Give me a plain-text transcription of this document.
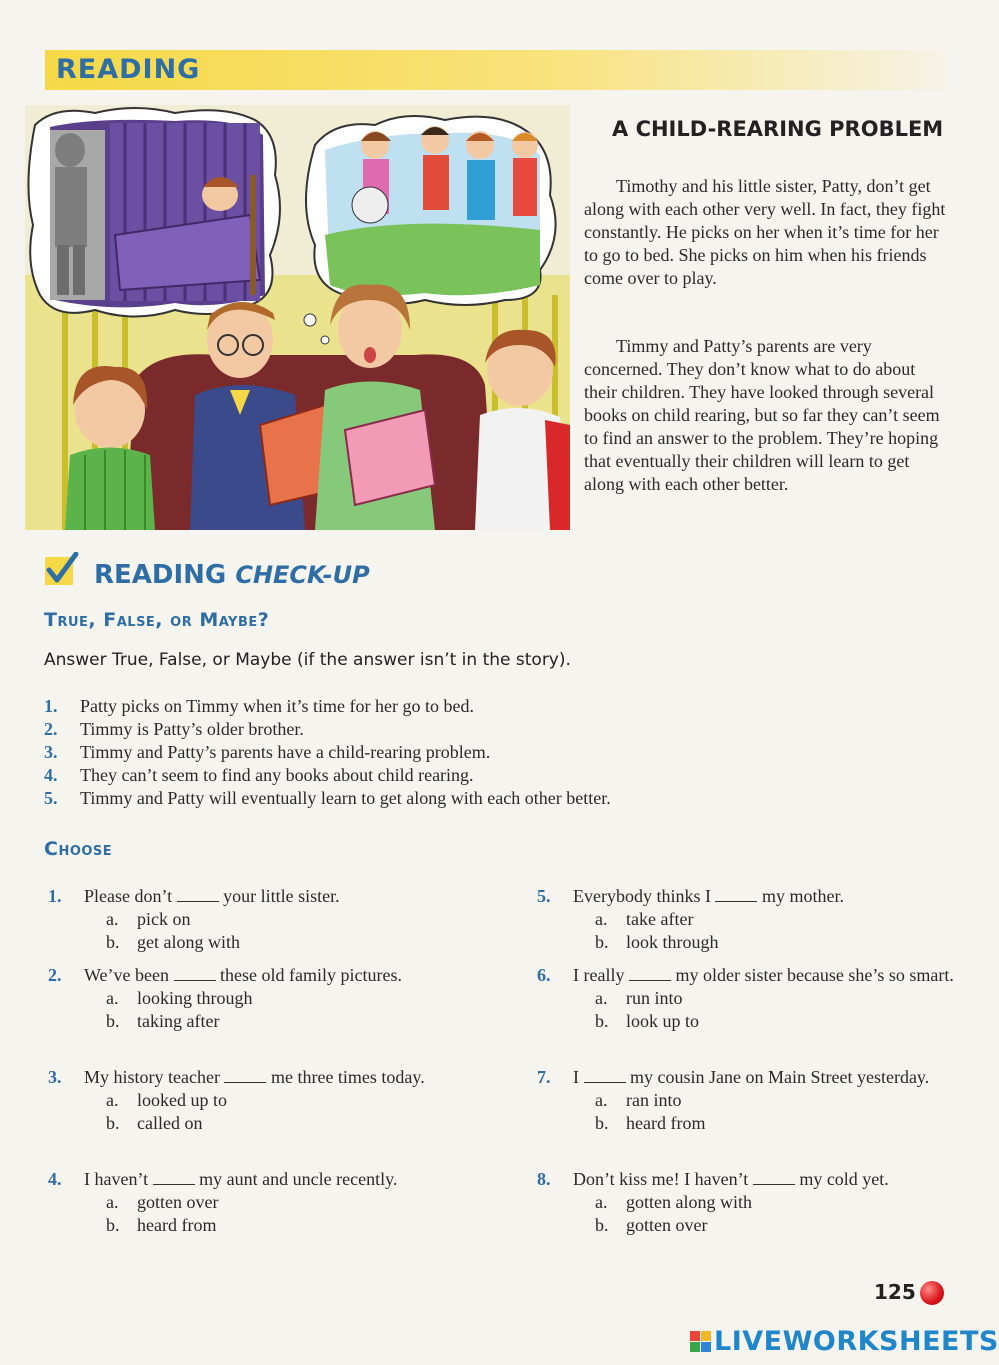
READING
A CHILD-REARING PROBLEM

Timothy and his little sister, Patty, don’t get along with each other very well. In fact, they fight constantly. He picks on her when it’s time for her to go to bed. She picks on him when his friends come over to play.

Timmy and Patty’s parents are very concerned. They don’t know what to do about their children. They have looked through several books on child rearing, but so far they can’t seem to find an answer to the problem. They’re hoping that eventually their children will learn to get along with each other better.

READING CHECK-UP
True, False, or Maybe?
Answer True, False, or Maybe (if the answer isn’t in the story).
1. Patty picks on Timmy when it’s time for her go to bed.
2. Timmy is Patty’s older brother.
3. Timmy and Patty’s parents have a child-rearing problem.
4. They can’t seem to find any books about child rearing.
5. Timmy and Patty will eventually learn to get along with each other better.
Choose
1.	Please don’t	your little sister.
a. pick on
b. get along with
2.	We’ve been	these old family pictures.
a. looking through
b. taking after
3.	My history teacher	me three times today.
a. looked up to
b. called on
4.	I haven’t	my aunt and uncle recently.
a. gotten over
b. heard from
5.	Everybody thinks I	my mother.
a. take after
b. look through
6.	I really	my older sister because she’s so smart.
a. run into
b. look up to
7.	I	my cousin Jane on Main Street yesterday.
a. ran into
b. heard from
8.	Don’t kiss me! I haven’t	my cold yet.
a. gotten along with
b. gotten over
125
LIVEWORKSHEETS
